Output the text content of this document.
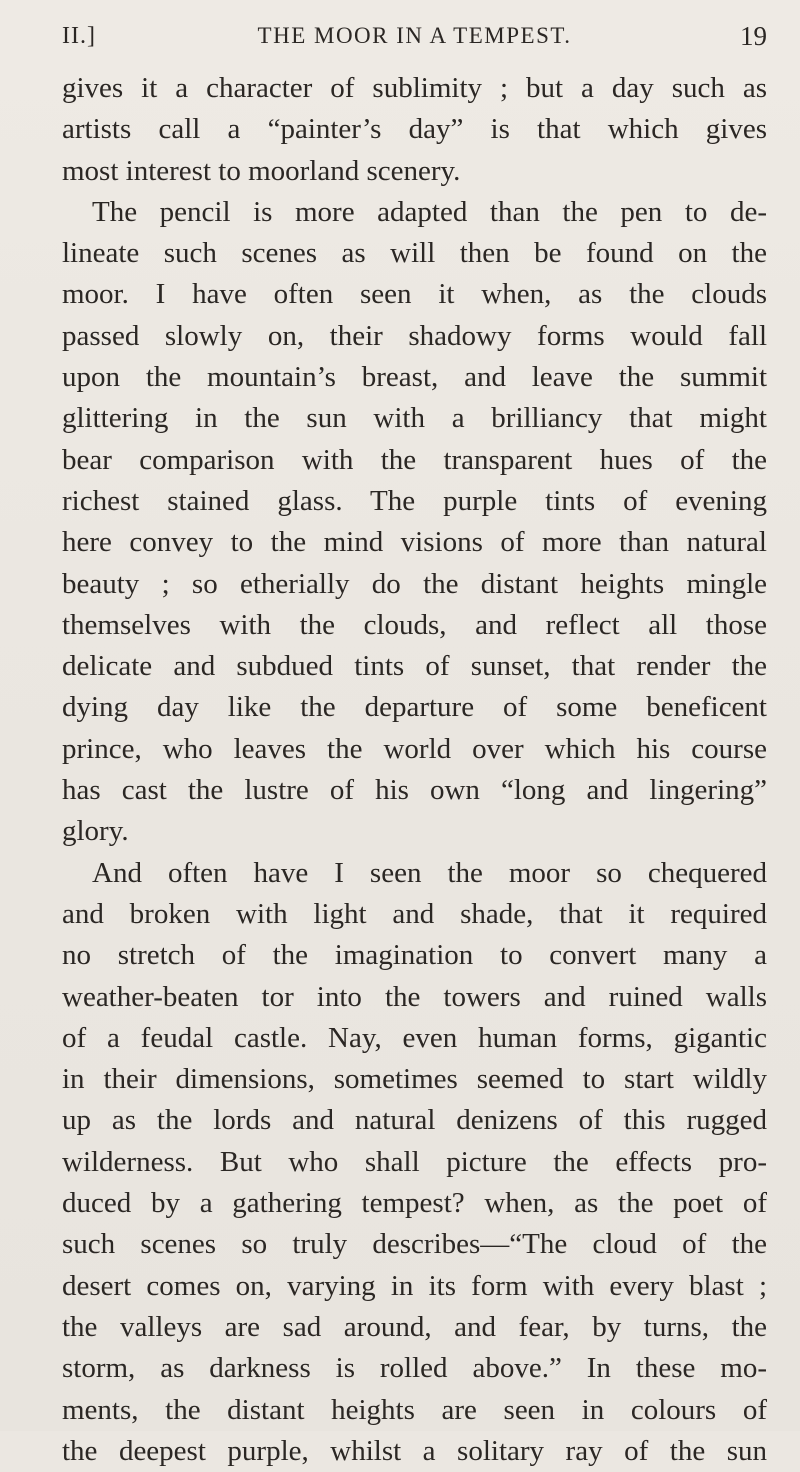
II.]	THE MOOR IN A TEMPEST.	19
gives it a character of sublimity ; but a day such as
artists call a “painter’s day” is that which gives
most interest to moorland scenery.
The pencil is more adapted than the pen to de-
lineate such scenes as will then be found on the
moor. I have often seen it when, as the clouds
passed slowly on, their shadowy forms would fall
upon the mountain’s breast, and leave the summit
glittering in the sun with a brilliancy that might
bear comparison with the transparent hues of the
richest stained glass. The purple tints of evening
here convey to the mind visions of more than natural
beauty ; so etherially do the distant heights mingle
themselves with the clouds, and reflect all those
delicate and subdued tints of sunset, that render the
dying day like the departure of some beneficent
prince, who leaves the world over which his course
has cast the lustre of his own “long and lingering”
glory.
And often have I seen the moor so chequered
and broken with light and shade, that it required
no stretch of the imagination to convert many a
weather-beaten tor into the towers and ruined walls
of a feudal castle. Nay, even human forms, gigantic
in their dimensions, sometimes seemed to start wildly
up as the lords and natural denizens of this rugged
wilderness. But who shall picture the effects pro-
duced by a gathering tempest? when, as the poet of
such scenes so truly describes—“The cloud of the
desert comes on, varying in its form with every blast ;
the valleys are sad around, and fear, by turns, the
storm, as darkness is rolled above.” In these mo-
ments, the distant heights are seen in colours of
the deepest purple, whilst a solitary ray of the sun
